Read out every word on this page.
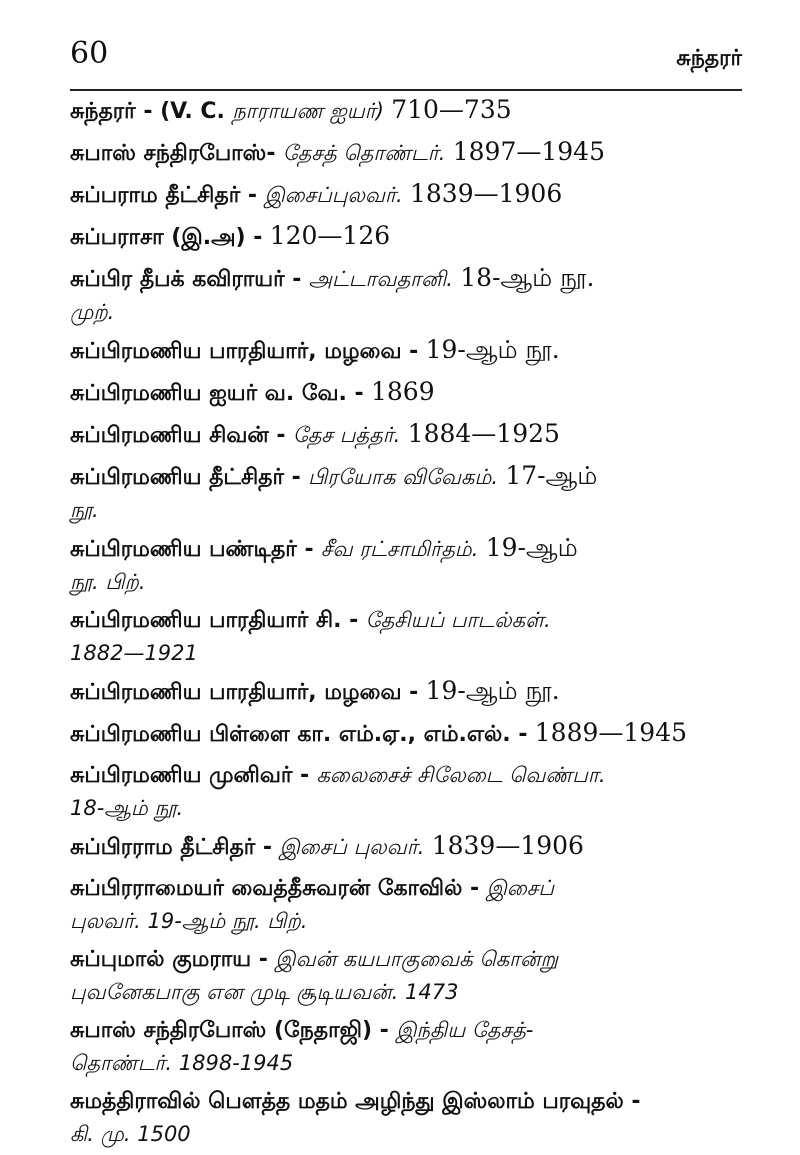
60	சுந்தரர்
சுந்தரர் - (V. C. நாராயண ஐயர்) 710—735
சுபாஸ் சந்திரபோஸ்- தேசத் தொண்டர். 1897—1945
சுப்பராம தீட்சிதர் - இசைப்புலவர். 1839—1906
சுப்பராசா (இ.அ) - 120—126
சுப்பிர தீபக் கவிராயர் - அட்டாவதானி. 18-ஆம் நூ.
முற்.
சுப்பிரமணிய பாரதியார், மழவை - 19-ஆம் நூ.
சுப்பிரமணிய ஐயர் வ. வே. - 1869
சுப்பிரமணிய சிவன் - தேச பத்தர். 1884—1925
சுப்பிரமணிய தீட்சிதர் - பிரயோக விவேகம். 17-ஆம்
நூ.
சுப்பிரமணிய பண்டிதர் - சீவ ரட்சாமிர்தம். 19-ஆம்
நூ. பிற்.
சுப்பிரமணிய பாரதியார் சி. - தேசியப் பாடல்கள்.
1882—1921
சுப்பிரமணிய பாரதியார், மழவை - 19-ஆம் நூ.
சுப்பிரமணிய பிள்ளை கா. எம்.ஏ., எம்.எல். - 1889—1945
சுப்பிரமணிய முனிவர் - கலைசைச் சிலேடை வெண்பா.
18-ஆம் நூ.
சுப்பிரராம தீட்சிதர் - இசைப் புலவர். 1839—1906
சுப்பிரராமையர் வைத்தீசுவரன் கோவில் - இசைப்
புலவர். 19-ஆம் நூ. பிற்.
சுப்புமால் குமராய - இவன் கயபாகுவைக் கொன்று
புவனேகபாகு என முடி சூடியவன். 1473
சுபாஸ் சந்திரபோஸ் (நேதாஜி) - இந்திய தேசத்-
தொண்டர். 1898-1945
சுமத்திராவில் பௌத்த மதம் அழிந்து இஸ்லாம் பரவுதல் -
கி. மு. 1500
